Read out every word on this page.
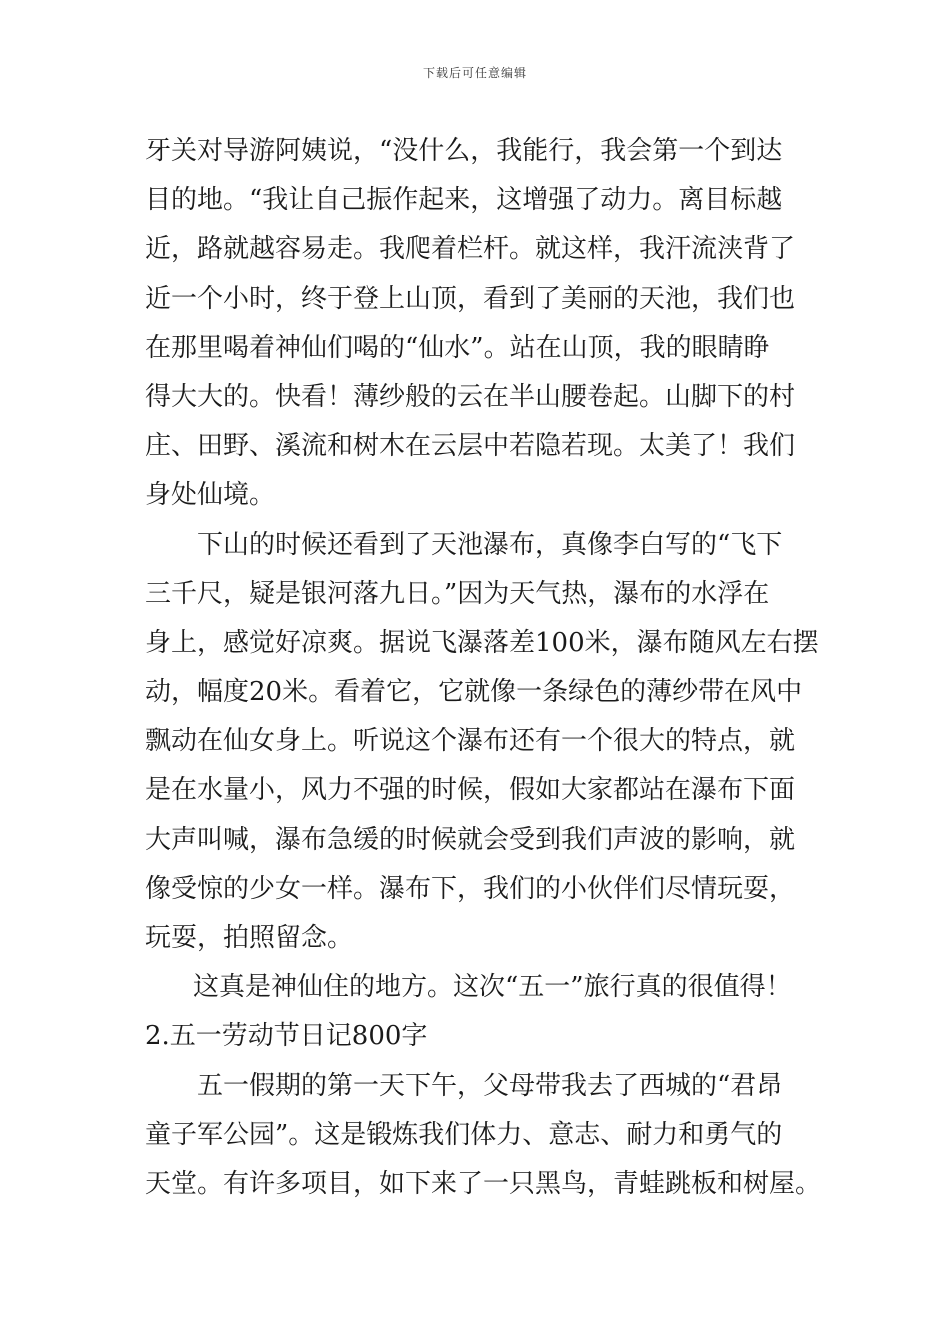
下载后可任意编辑
牙关对导游阿姨说，“没什么，我能行，我会第一个到达
目的地。“我让自己振作起来，这增强了动力。离目标越
近，路就越容易走。我爬着栏杆。就这样，我汗流浃背了
近一个小时，终于登上山顶，看到了美丽的天池，我们也
在那里喝着神仙们喝的“仙水”。站在山顶，我的眼睛睁
得大大的。快看！薄纱般的云在半山腰卷起。山脚下的村
庄、田野、溪流和树木在云层中若隐若现。太美了！我们
身处仙境。
下山的时候还看到了天池瀑布，真像李白写的“飞下
三千尺，疑是银河落九日。”因为天气热，瀑布的水浮在
身上，感觉好凉爽。据说飞瀑落差100米，瀑布随风左右摆
动，幅度20米。看着它，它就像一条绿色的薄纱带在风中
飘动在仙女身上。听说这个瀑布还有一个很大的特点，就
是在水量小，风力不强的时候，假如大家都站在瀑布下面
大声叫喊，瀑布急缓的时候就会受到我们声波的影响，就
像受惊的少女一样。瀑布下，我们的小伙伴们尽情玩耍，
玩耍，拍照留念。
这真是神仙住的地方。这次“五一”旅行真的很值得！
2.五一劳动节日记800字
五一假期的第一天下午，父母带我去了西城的“君昂
童子军公园”。这是锻炼我们体力、意志、耐力和勇气的
天堂。有许多项目，如下来了一只黑鸟，青蛙跳板和树屋。
